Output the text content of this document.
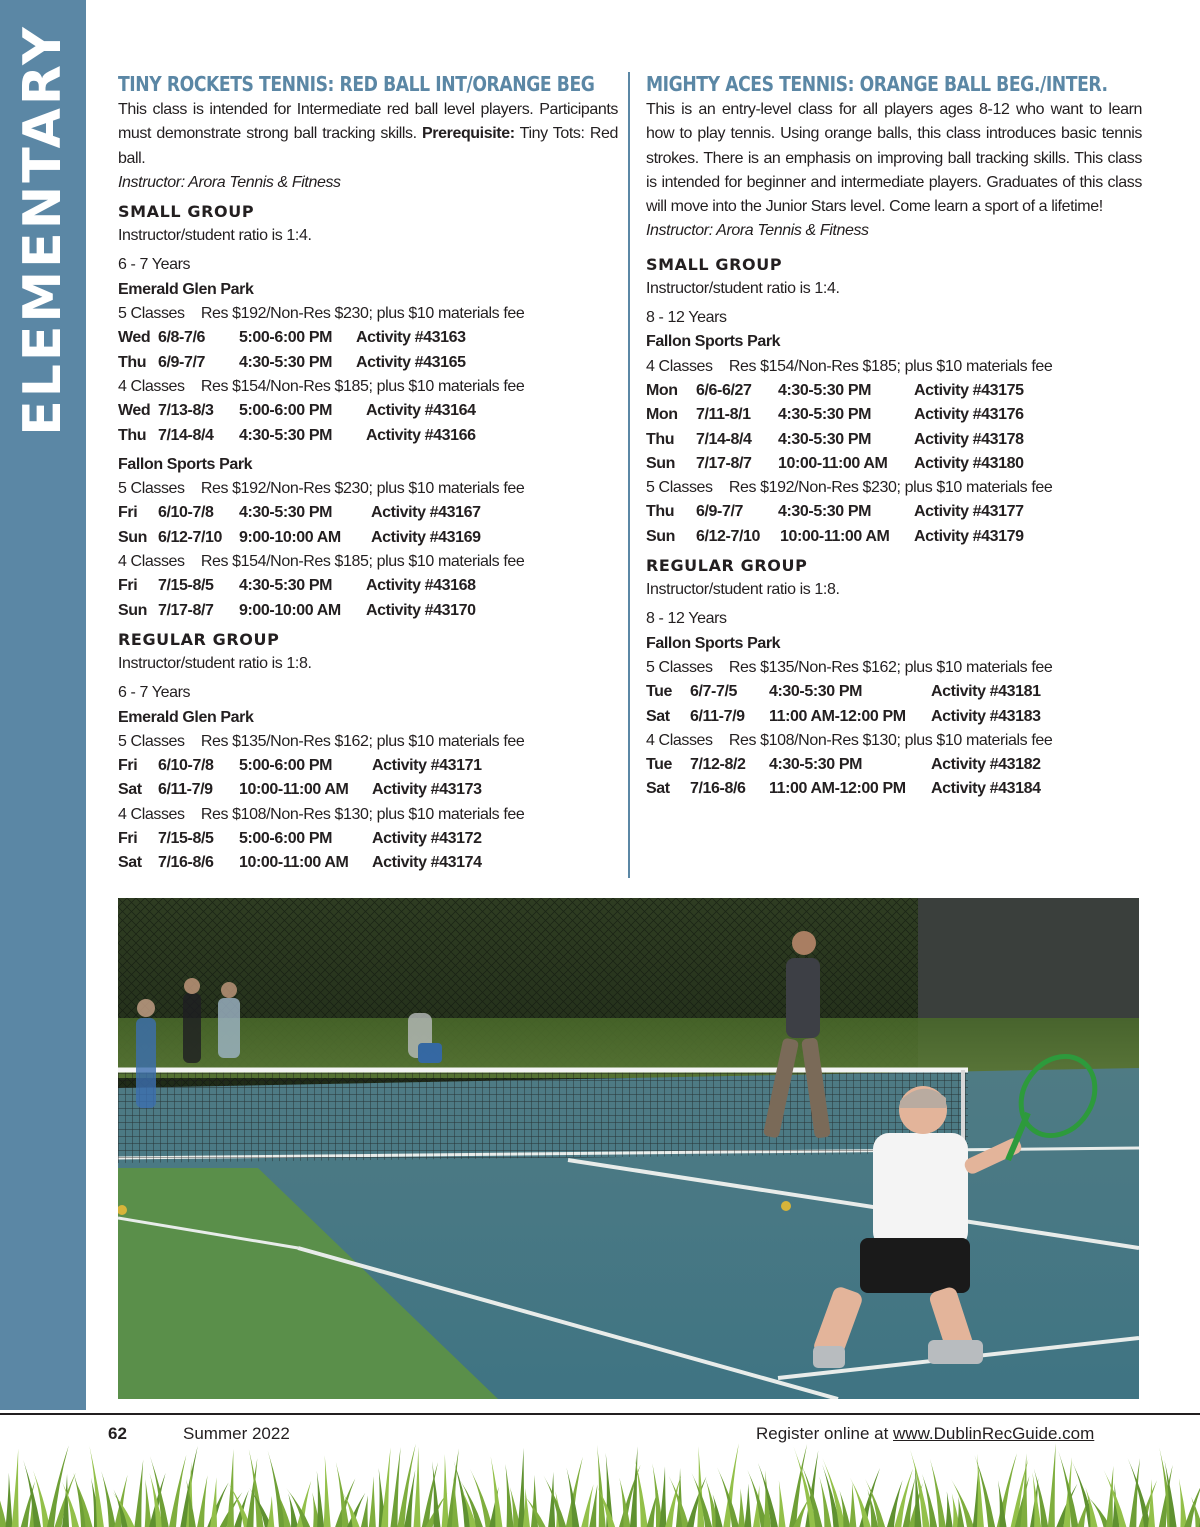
ELEMENTARY TINY ROCKETS TENNIS: RED BALL INT/ORANGE BEG
This class is intended for Intermediate red ball level players. Participants must demonstrate strong ball tracking skills. Prerequisite: Tiny Tots: Red ball.
Instructor: Arora Tennis & Fitness
SMALL GROUP
Instructor/student ratio is 1:4.
6 - 7 Years
Emerald Glen Park
5 Classes    Res $192/Non-Res $230; plus $10 materials fee
Wed 6/8-7/6	5:00-6:00 PM	Activity #43163
Thu 6/9-7/7	4:30-5:30 PM	Activity #43165
4 Classes    Res $154/Non-Res $185; plus $10 materials fee
Wed 7/13-8/3	5:00-6:00 PM	Activity #43164
Thu 7/14-8/4	4:30-5:30 PM	Activity #43166
Fallon Sports Park
5 Classes    Res $192/Non-Res $230; plus $10 materials fee
Fri	6/10-7/8	4:30-5:30 PM	Activity #43167
Sun 6/12-7/10	9:00-10:00 AM	Activity #43169
4 Classes    Res $154/Non-Res $185; plus $10 materials fee
Fri	7/15-8/5	4:30-5:30 PM	Activity #43168
Sun 7/17-8/7	9:00-10:00 AM	Activity #43170
REGULAR GROUP
Instructor/student ratio is 1:8.
6 - 7 Years
Emerald Glen Park
5 Classes    Res $135/Non-Res $162; plus $10 materials fee
Fri	6/10-7/8	5:00-6:00 PM	Activity #43171
Sat	6/11-7/9	10:00-11:00 AM	Activity #43173
4 Classes    Res $108/Non-Res $130; plus $10 materials fee
Fri	7/15-8/5	5:00-6:00 PM	Activity #43172
Sat	7/16-8/6	10:00-11:00 AM	Activity #43174
MIGHTY ACES TENNIS: ORANGE BALL BEG./INTER.
This is an entry-level class for all players ages 8-12 who want to learn how to play tennis. Using orange balls, this class introduces basic tennis strokes. There is an emphasis on improving ball tracking skills. This class is intended for beginner and intermediate players. Graduates of this class will move into the Junior Stars level. Come learn a sport of a lifetime!
Instructor: Arora Tennis & Fitness
SMALL GROUP
Instructor/student ratio is 1:4.
8 - 12 Years
Fallon Sports Park
4 Classes    Res $154/Non-Res $185; plus $10 materials fee
Mon	6/6-6/27	4:30-5:30 PM	Activity #43175
Mon	7/11-8/1	4:30-5:30 PM	Activity #43176
Thu	7/14-8/4	4:30-5:30 PM	Activity #43178
Sun	7/17-8/7	10:00-11:00 AM	Activity #43180
5 Classes    Res $192/Non-Res $230; plus $10 materials fee
Thu	6/9-7/7	4:30-5:30 PM	Activity #43177
Sun	6/12-7/10	10:00-11:00 AM	Activity #43179
REGULAR GROUP
Instructor/student ratio is 1:8.
8 - 12 Years
Fallon Sports Park
5 Classes    Res $135/Non-Res $162; plus $10 materials fee
Tue	6/7-7/5	4:30-5:30 PM	Activity #43181
Sat	6/11-7/9	11:00 AM-12:00 PM	Activity #43183
4 Classes    Res $108/Non-Res $130; plus $10 materials fee
Tue	7/12-8/2	4:30-5:30 PM	Activity #43182
Sat	7/16-8/6	11:00 AM-12:00 PM	Activity #43184
62	Summer 2022	Register online at www.DublinRecGuide.com
